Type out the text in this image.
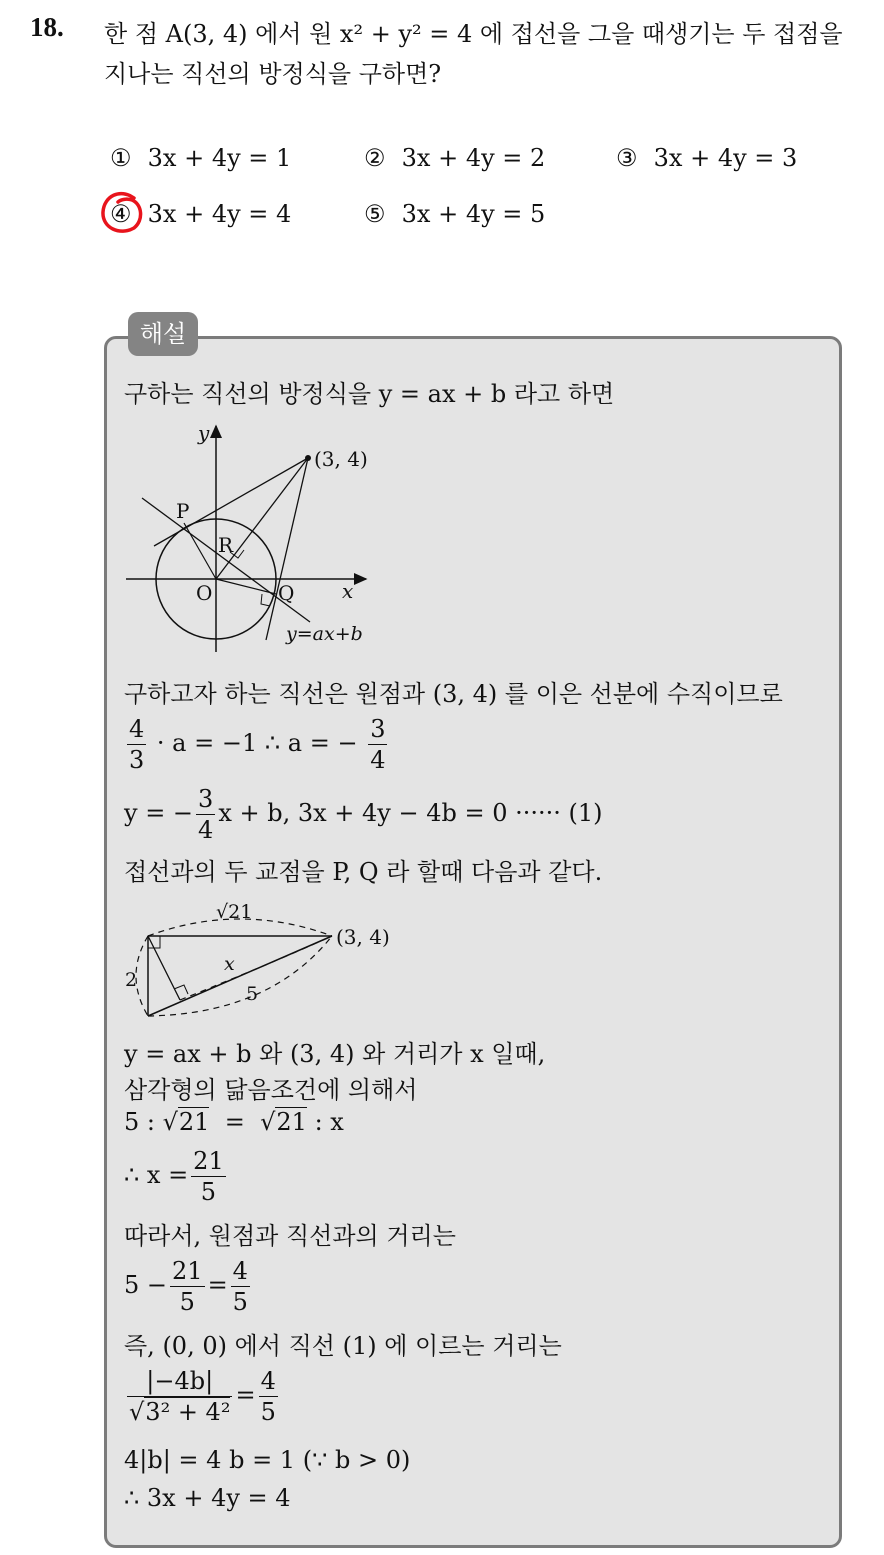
18. 한 점 A(3, 4) 에서 원 x² + y² = 4 에 접선을 그을 때생기는 두 접점을
지나는 직선의 방정식을 구하면?
① 3x + 4y = 1	② 3x + 4y = 2	③ 3x + 4y = 3
④ 3x + 4y = 4	⑤ 3x + 4y = 5
해설
구하는 직선의 방정식을 y = ax + b 라고 하면
y
x
(3, 4)
P
R
O	Q
y=ax+b
구하고자 하는 직선은 원점과 (3, 4) 를 이은 선분에 수직이므로
$\frac{4}{3} \cdot a = -1$ ∴ a = − $\frac{3}{4}$
y = − $\frac{3}{4}$ x + b, 3x + 4y − 4b = 0 ······ (1)
접선과의 두 교점을 P, Q 라 할때 다음과 같다.
√21
(3, 4)
x
2
5
y = ax + b 와 (3, 4) 와 거리가 x 일때,
삼각형의 닮음조건에 의해서
5 : √21 =  √21 : x
∴ $x = \frac{21}{5}$
따라서, 원점과 직선과의 거리는
$5 - \frac{21}{5} = \frac{4}{5}$
즉, (0, 0) 에서 직선 (1) 에 이르는 거리는
$\frac{|-4b|}{\text{√3² + 4²}} = \frac{4}{5}$
4|b| = 4 b = 1 (∵ b > 0)
∴ 3x + 4y = 4
